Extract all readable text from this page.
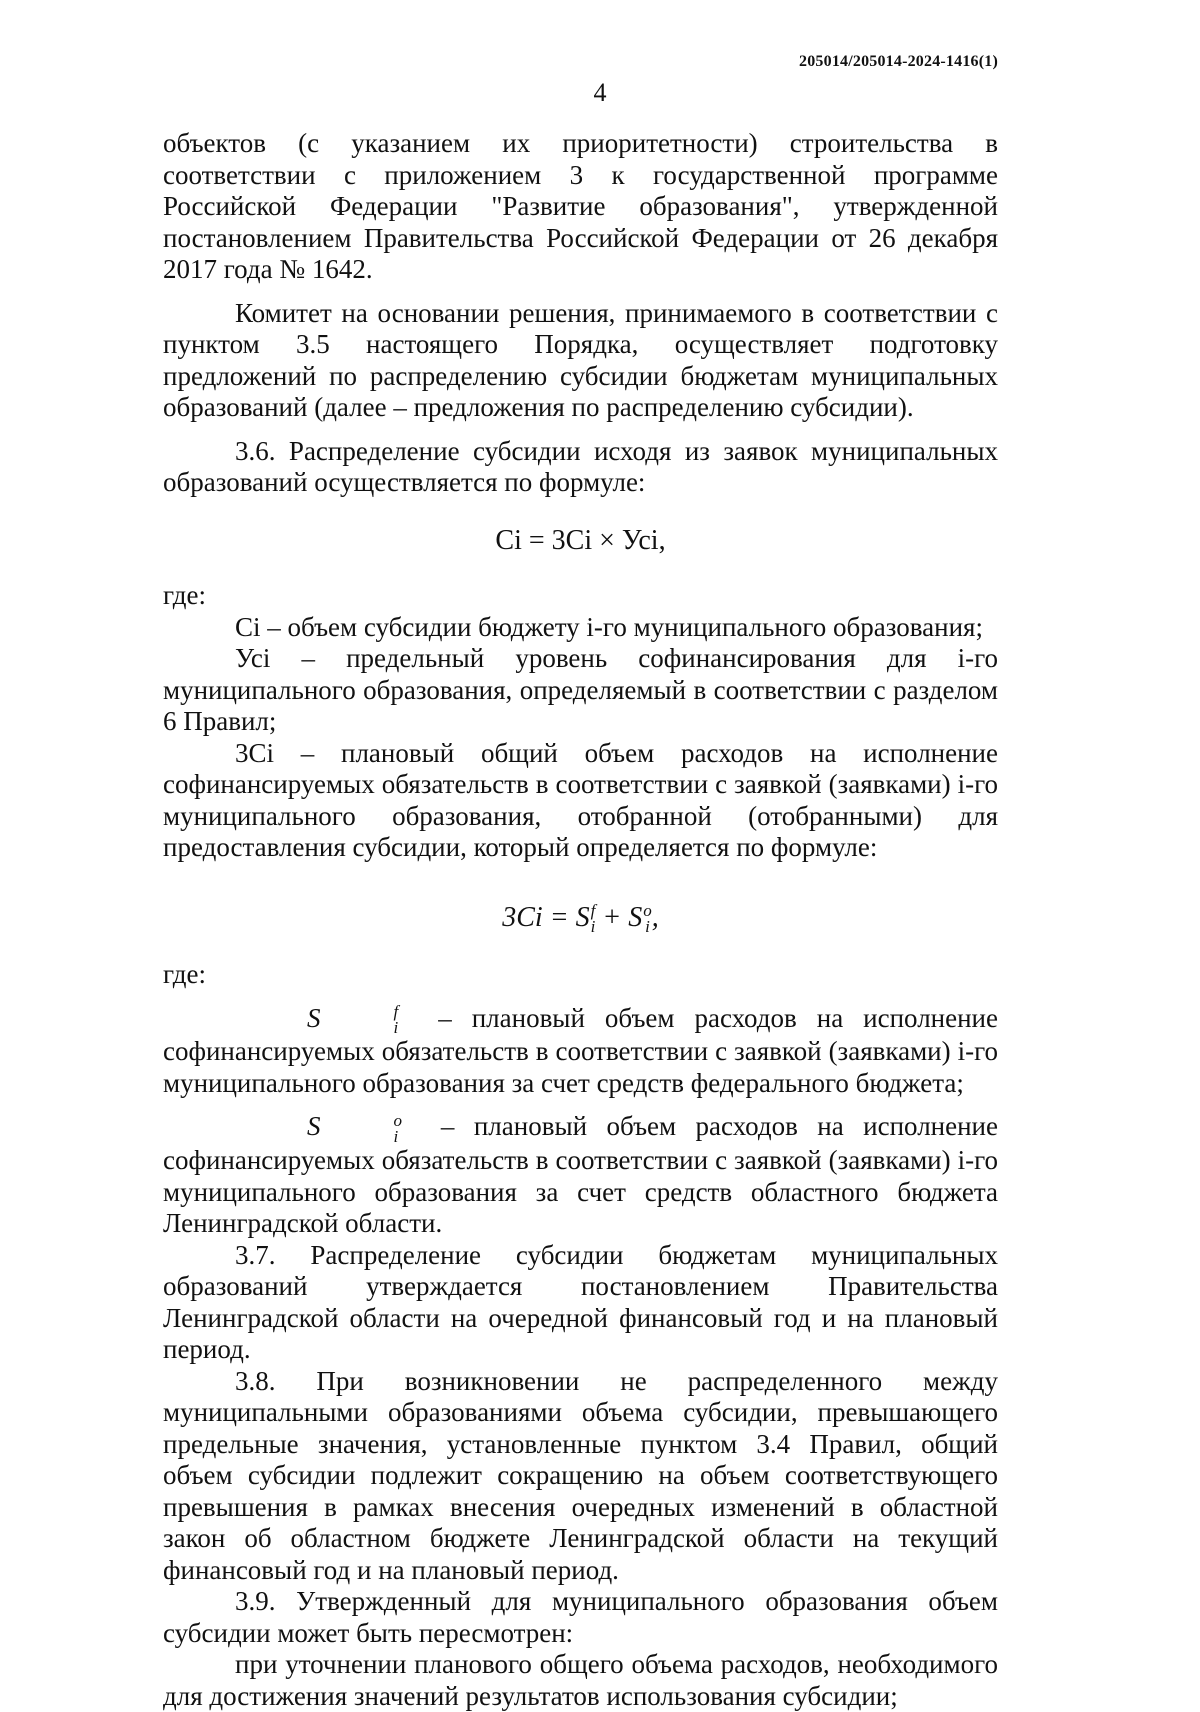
205014/205014-2024-1416(1)
4

объектов (с указанием их приоритетности) строительства в соответствии с приложением 3 к государственной программе Российской Федерации "Развитие образования", утвержденной постановлением Правительства Российской Федерации от 26 декабря 2017 года № 1642.

Комитет на основании решения, принимаемого в соответствии с пунктом 3.5 настоящего Порядка, осуществляет подготовку предложений по распределению субсидии бюджетам муниципальных образований (далее – предложения по распределению субсидии).

3.6. Распределение субсидии исходя из заявок муниципальных образований осуществляется по формуле:

Ci = 3Ci × Усi,

где:

Ci – объем субсидии бюджету i-го муниципального образования;

Усi – предельный уровень софинансирования для i-го муниципального образования, определяемый в соответствии с разделом 6 Правил;

3Ci – плановый общий объем расходов на исполнение софинансируемых обязательств в соответствии с заявкой (заявками) i-го муниципального образования, отобранной (отобранными) для предоставления субсидии, который определяется по формуле:

3Ci = S f
i + S o
i ,

где:

S	f
i – плановый объем расходов на исполнение софинансируемых обязательств в соответствии с заявкой (заявками) i-го муниципального образования за счет средств федерального бюджета;

S	o
i – плановый объем расходов на исполнение софинансируемых обязательств в соответствии с заявкой (заявками) i-го муниципального образования за счет средств областного бюджета Ленинградской области.

3.7. Распределение субсидии бюджетам муниципальных образований утверждается постановлением Правительства Ленинградской области на очередной финансовый год и на плановый период.

3.8. При возникновении не распределенного между муниципальными образованиями объема субсидии, превышающего предельные значения, установленные пунктом 3.4 Правил, общий объем субсидии подлежит сокращению на объем соответствующего превышения в рамках внесения очередных изменений в областной закон об областном бюджете Ленинградской области на текущий финансовый год и на плановый период.

3.9. Утвержденный для муниципального образования объем субсидии может быть пересмотрен:

при уточнении планового общего объема расходов, необходимого для достижения значений результатов использования субсидии;
